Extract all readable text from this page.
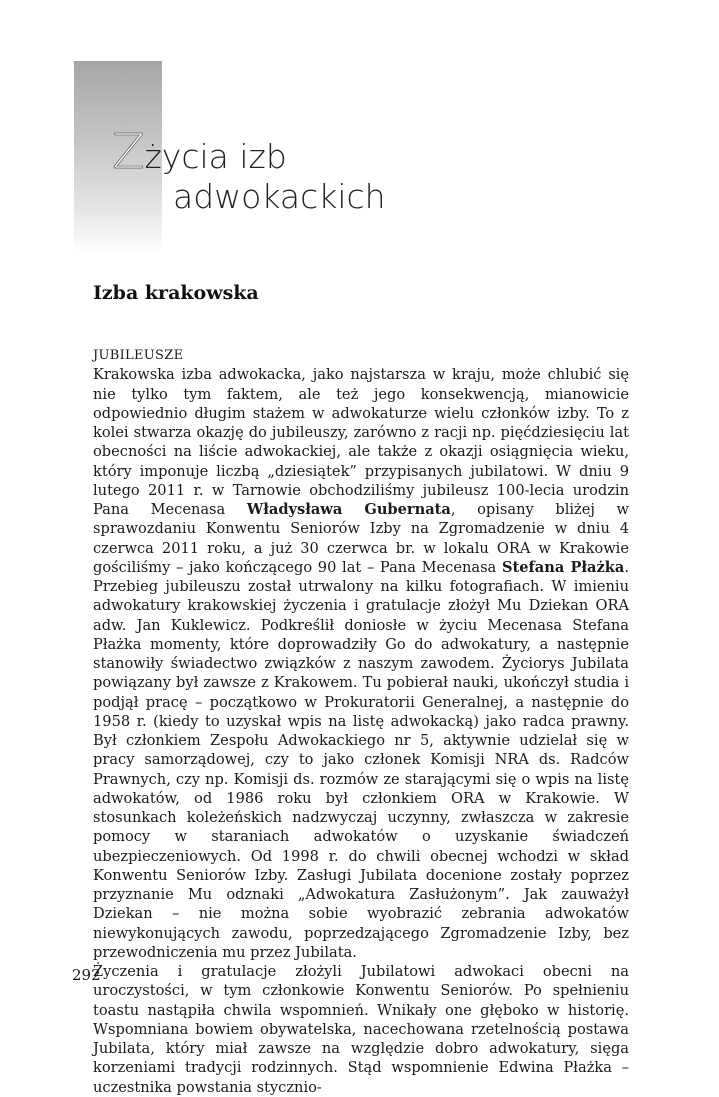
Z życia izb
adwokackich
Izba krakowska

JUBILEUSZE

Krakowska izba adwokacka, jako najstarsza w kraju, może chlubić się nie tylko tym faktem, ale też jego konsekwencją, mianowicie odpowiednio długim stażem w adwokaturze wielu członków izby. To z kolei stwarza okazję do jubileuszy, zarówno z racji np. pięćdziesięciu lat obecności na liście adwokackiej, ale także z okazji osiągnięcia wieku, który imponuje liczbą „dziesiątek” przypisanych jubilatowi. W dniu 9 lutego 2011 r. w Tarnowie obchodziliśmy jubileusz 100-lecia urodzin Pana Mecenasa Władysława Gubernata, opisany bliżej w sprawozdaniu Konwentu Seniorów Izby na Zgromadzenie w dniu 4 czerwca 2011 roku, a już 30 czerwca br. w lokalu ORA w Krakowie gościliśmy – jako kończącego 90 lat – Pana Mecenasa Stefana Płażka. Przebieg jubileuszu został utrwalony na kilku fotografiach. W imieniu adwokatury krakowskiej życzenia i gratulacje złożył Mu Dziekan ORA adw. Jan Kuklewicz. Podkreślił doniosłe w życiu Mecenasa Stefana Płażka momenty, które doprowadziły Go do adwokatury, a następnie stanowiły świadectwo związków z naszym zawodem. Życiorys Jubilata powiązany był zawsze z Krakowem. Tu pobierał nauki, ukończył studia i podjął pracę – początkowo w Prokuratorii Generalnej, a następnie do 1958 r. (kiedy to uzyskał wpis na listę adwokacką) jako radca prawny. Był członkiem Zespołu Adwokackiego nr 5, aktywnie udzielał się w pracy samorządowej, czy to jako członek Komisji NRA ds. Radców Prawnych, czy np. Komisji ds. rozmów ze starającymi się o wpis na listę adwokatów, od 1986 roku był członkiem ORA w Krakowie. W stosunkach koleżeńskich nadzwyczaj uczynny, zwłaszcza w zakresie pomocy w staraniach adwokatów o uzyskanie świadczeń ubezpieczeniowych. Od 1998 r. do chwili obecnej wchodzi w skład Konwentu Seniorów Izby. Zasługi Jubilata docenione zostały poprzez przyznanie Mu odznaki „Adwokatura Zasłużonym”. Jak zauważył Dziekan – nie można sobie wyobrazić zebrania adwokatów niewykonujących zawodu, poprzedzającego Zgromadzenie Izby, bez przewodniczenia mu przez Jubilata.

Życzenia i gratulacje złożyli Jubilatowi adwokaci obecni na uroczystości, w tym członkowie Konwentu Seniorów. Po spełnieniu toastu nastąpiła chwila wspomnień. Wnikały one głęboko w historię. Wspomniana bowiem obywatelska, nacechowana rzetelnością postawa Jubilata, który miał zawsze na względzie dobro adwokatury, sięga korzeniami tradycji rodzinnych. Stąd wspomnienie Edwina Płażka – uczestnika powstania stycznio-

292
